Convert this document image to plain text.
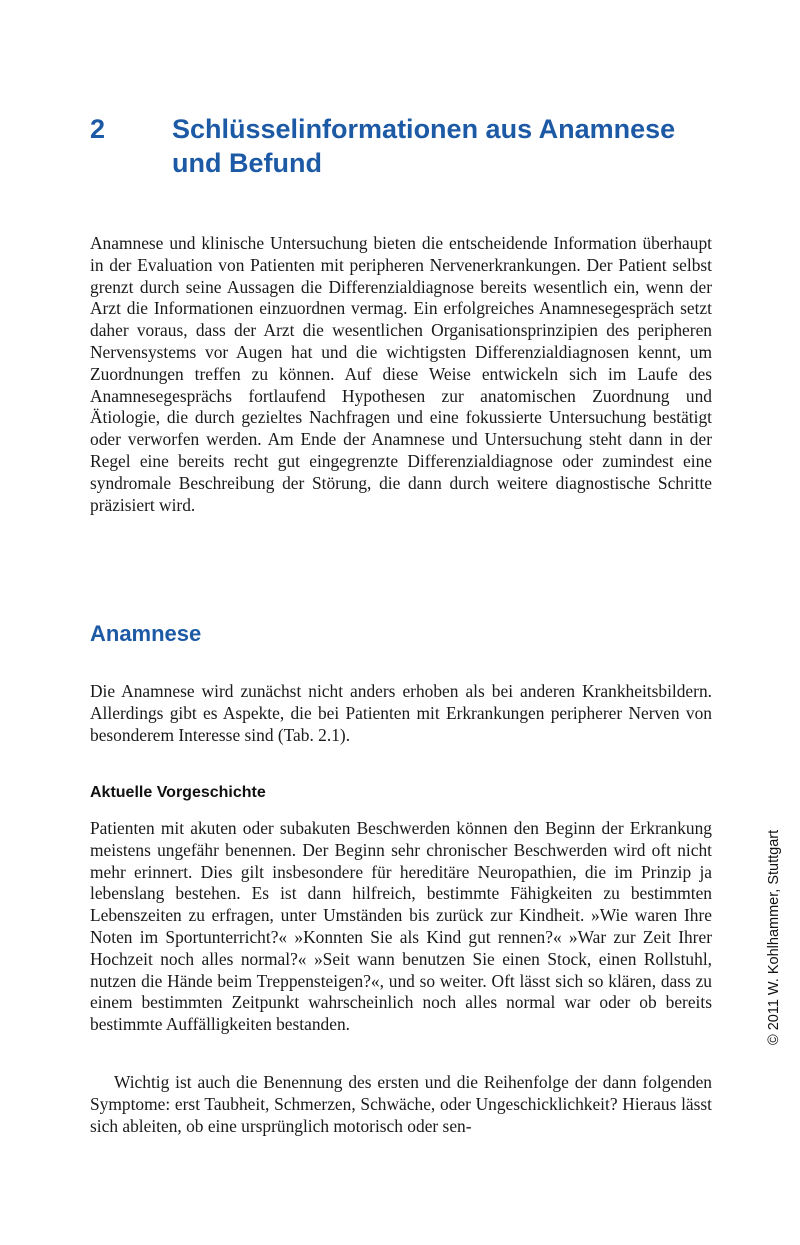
2	Schlüsselinformationen aus Anamnese und Befund

Anamnese und klinische Untersuchung bieten die entscheidende Information überhaupt in der Evaluation von Patienten mit peripheren Nervenerkrankungen. Der Patient selbst grenzt durch seine Aussagen die Differenzialdiagnose bereits wesentlich ein, wenn der Arzt die Informationen einzuordnen vermag. Ein erfolgreiches Anamnesegespräch setzt daher voraus, dass der Arzt die wesentlichen Organisationsprinzipien des peripheren Nervensystems vor Augen hat und die wichtigsten Differenzialdiagnosen kennt, um Zuordnungen treffen zu können. Auf diese Weise entwickeln sich im Laufe des Anamnesegesprächs fortlaufend Hypothesen zur anatomischen Zuordnung und Ätiologie, die durch gezieltes Nachfragen und eine fokussierte Untersuchung bestätigt oder verworfen werden. Am Ende der Anamnese und Untersuchung steht dann in der Regel eine bereits recht gut eingegrenzte Differenzialdiagnose oder zumindest eine syndromale Beschreibung der Störung, die dann durch weitere diagnostische Schritte präzisiert wird.

Anamnese

Die Anamnese wird zunächst nicht anders erhoben als bei anderen Krankheitsbildern. Allerdings gibt es Aspekte, die bei Patienten mit Erkrankungen peripherer Nerven von besonderem Interesse sind (Tab. 2.1).

Aktuelle Vorgeschichte

Patienten mit akuten oder subakuten Beschwerden können den Beginn der Erkrankung meistens ungefähr benennen. Der Beginn sehr chronischer Beschwerden wird oft nicht mehr erinnert. Dies gilt insbesondere für hereditäre Neuropathien, die im Prinzip ja lebenslang bestehen. Es ist dann hilfreich, bestimmte Fähigkeiten zu bestimmten Lebenszeiten zu erfragen, unter Umständen bis zurück zur Kindheit. »Wie waren Ihre Noten im Sportunterricht?« »Konnten Sie als Kind gut rennen?« »War zur Zeit Ihrer Hochzeit noch alles normal?« »Seit wann benutzen Sie einen Stock, einen Rollstuhl, nutzen die Hände beim Treppensteigen?«, und so weiter. Oft lässt sich so klären, dass zu einem bestimmten Zeitpunkt wahrscheinlich noch alles normal war oder ob bereits bestimmte Auffälligkeiten bestanden.

Wichtig ist auch die Benennung des ersten und die Reihenfolge der dann folgenden Symptome: erst Taubheit, Schmerzen, Schwäche, oder Ungeschicklichkeit? Hieraus lässt sich ableiten, ob eine ursprünglich motorisch oder sen-

© 2011 W. Kohlhammer, Stuttgart
